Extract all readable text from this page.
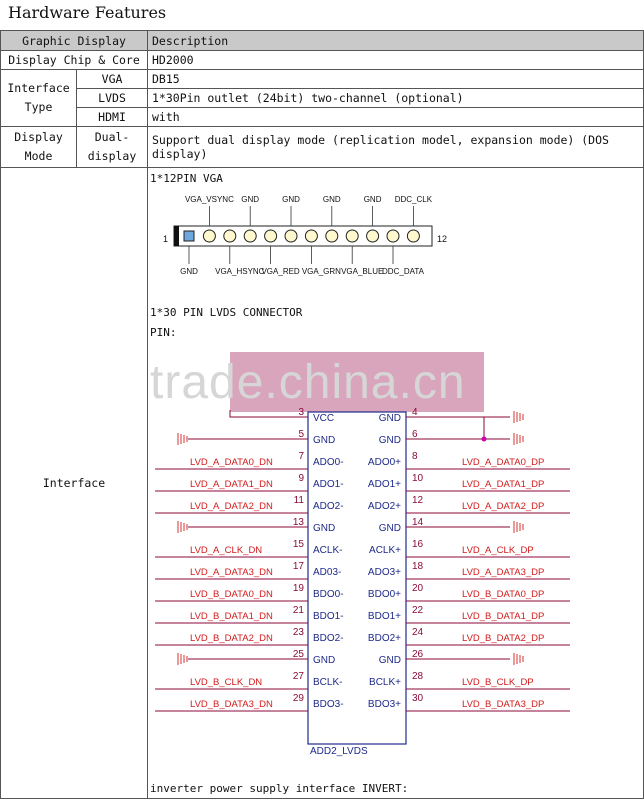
Hardware Features
Graphic Display	Description
Display Chip & Core		HD2000
Interface Type	VGA	DB15
	LVDS	1*30Pin outlet (24bit) two-channel (optional)
	HDMI	with
Display Mode	Dual-display	Support dual display mode (replication model, expansion mode) (DOS display)
Interface		
1*12PIN VGA
1	12
VGA_VSYNC GND	GND	GND	GND DDC_CLK
GND VGA_HSYNC
VGA_RED VGA_GRN VGA_BLUE
DDC_DATA
1*30 PIN LVDS CONNECTOR
PIN:
ADD2_LVDS
VCC
3
GND
5
ADO0-
7
LVD_A_DATA0_DN
ADO1-
9
LVD_A_DATA1_DN
ADO2-
11
LVD_A_DATA2_DN
GND
13
ACLK-
15
LVD_A_CLK_DN
AD03-
17
LVD_A_DATA3_DN
BDO0-
19
LVD_B_DATA0_DN
BDO1-
21
LVD_B_DATA1_DN
BDO2-
23
LVD_B_DATA2_DN
GND
25
BCLK-
27
LVD_B_CLK_DN
BDO3-
29
LVD_B_DATA3_DN
GND
4
GND
6
ADO0+
8
LVD_A_DATA0_DP
ADO1+
10
LVD_A_DATA1_DP
ADO2+
12
LVD_A_DATA2_DP
GND
14
ACLK+
16
LVD_A_CLK_DP
ADO3+
18
LVD_A_DATA3_DP
BDO0+
20
LVD_B_DATA0_DP
BDO1+
22
LVD_B_DATA1_DP
BDO2+
24
LVD_B_DATA2_DP
GND
26
BCLK+
28
LVD_B_CLK_DP
BDO3+
30
LVD_B_DATA3_DP
trade.china.cn
inverter power supply interface INVERT:
